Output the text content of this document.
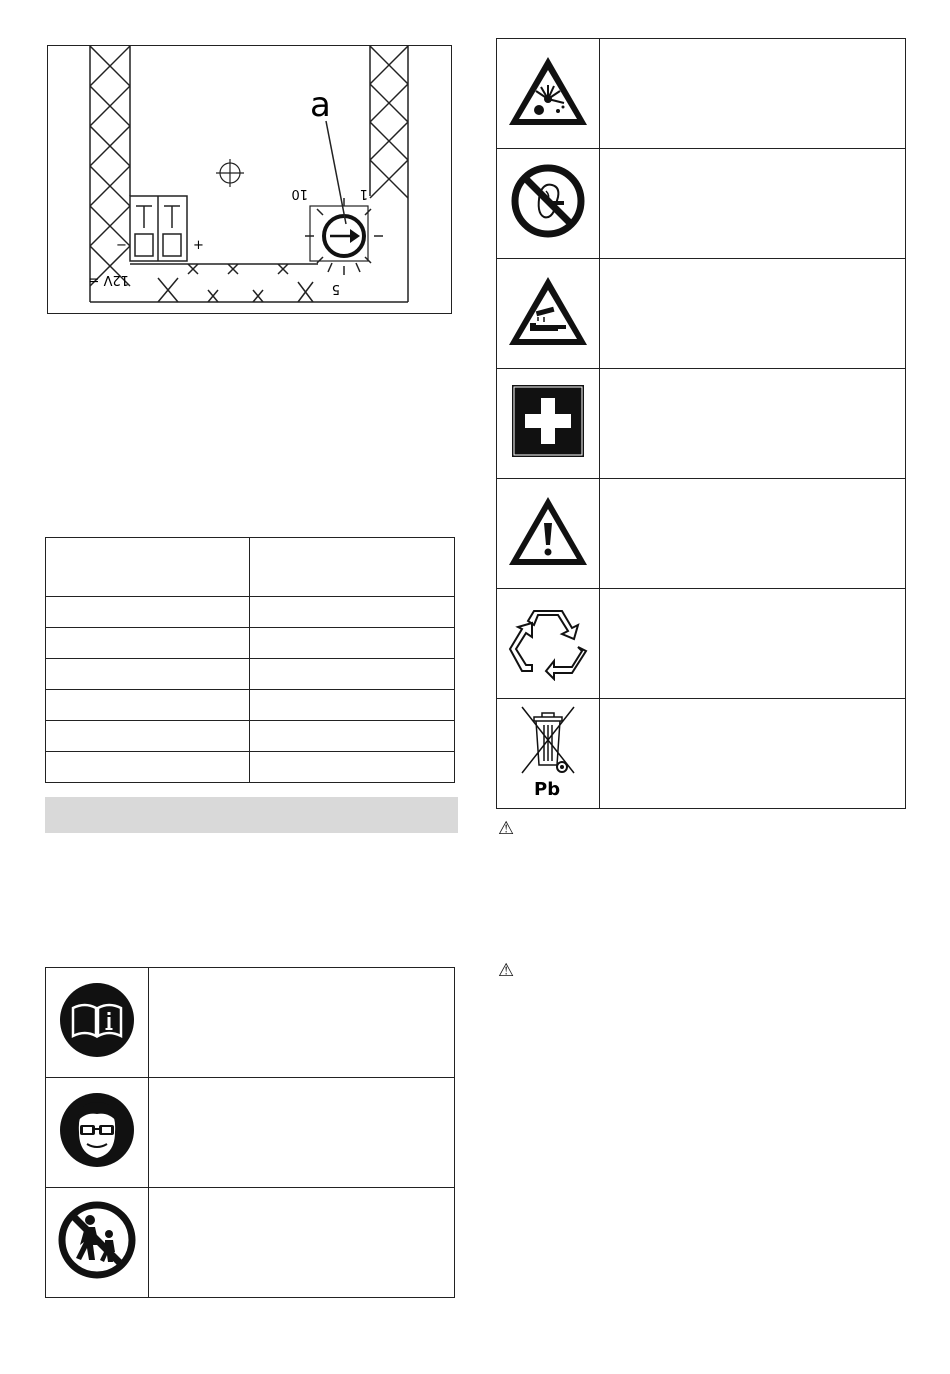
−	+
12V =
10	1
5
a

Pb	

⚠
⚠
